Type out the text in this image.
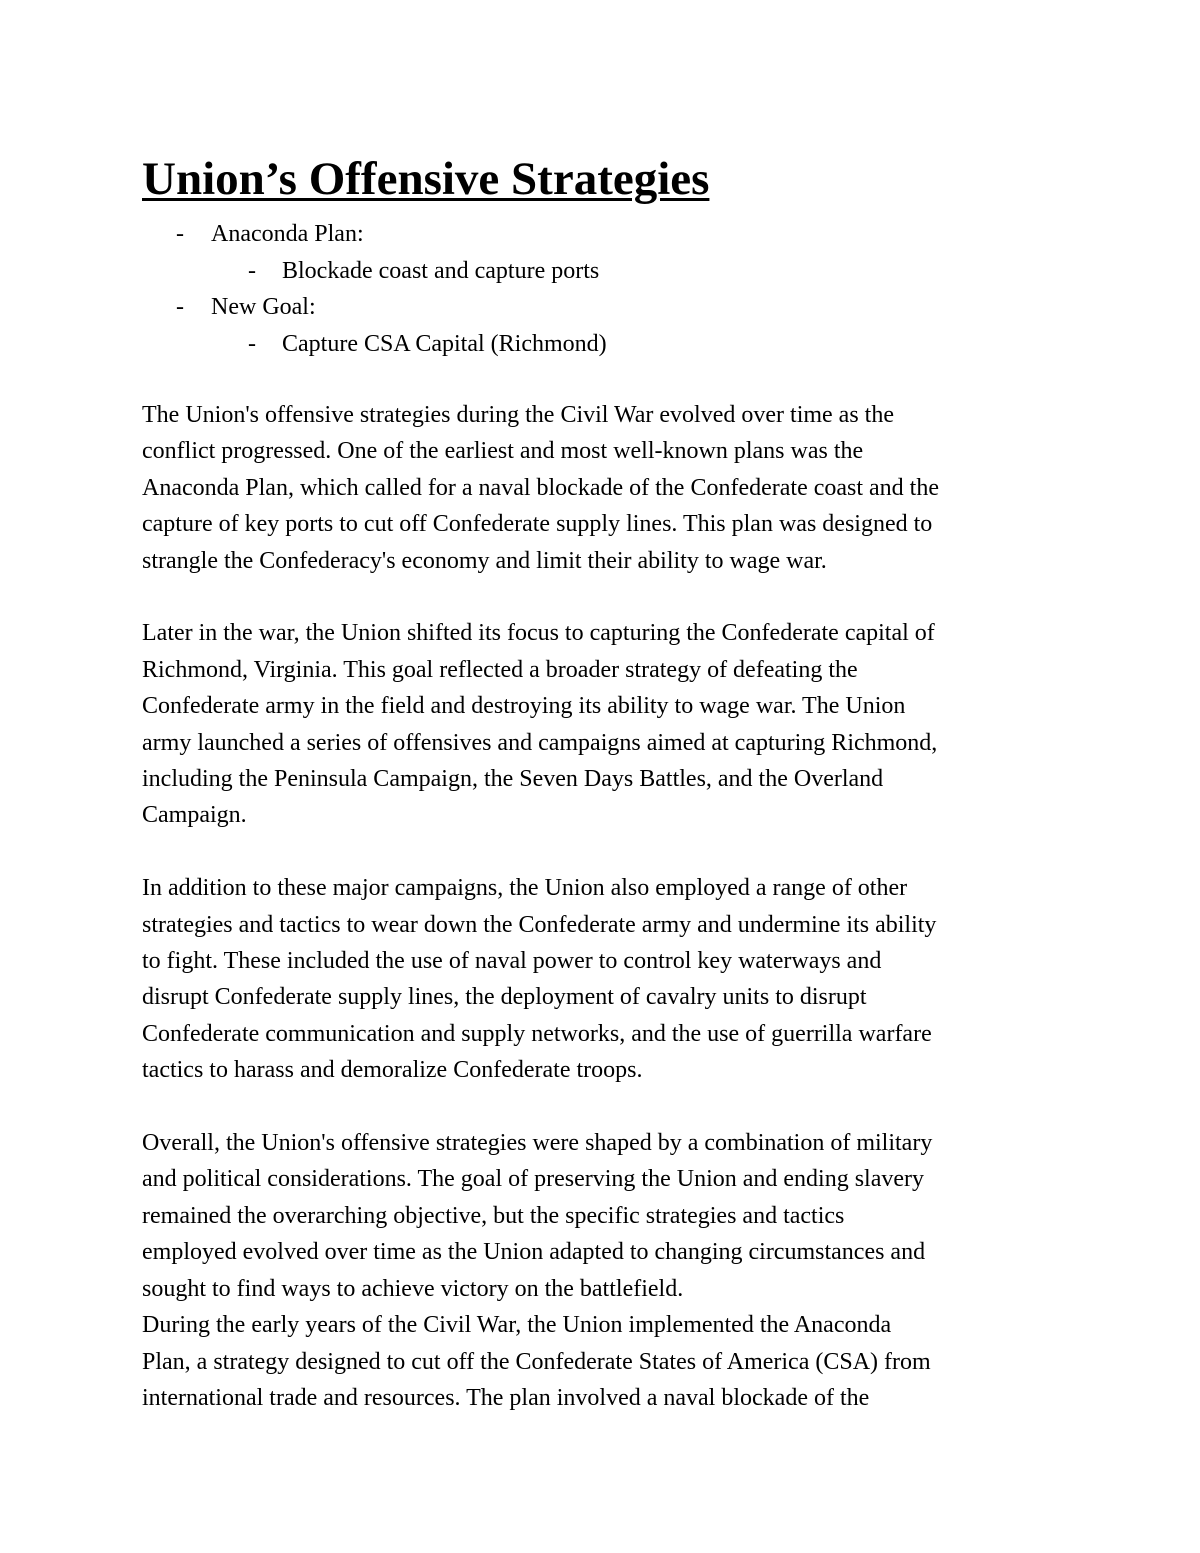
Union’s Offensive Strategies
- Anaconda Plan:
- Blockade coast and capture ports
- New Goal:
- Capture CSA Capital (Richmond)

The Union's offensive strategies during the Civil War evolved over time as the
conflict progressed. One of the earliest and most well-known plans was the
Anaconda Plan, which called for a naval blockade of the Confederate coast and the
capture of key ports to cut off Confederate supply lines. This plan was designed to
strangle the Confederacy's economy and limit their ability to wage war.

Later in the war, the Union shifted its focus to capturing the Confederate capital of
Richmond, Virginia. This goal reflected a broader strategy of defeating the
Confederate army in the field and destroying its ability to wage war. The Union
army launched a series of offensives and campaigns aimed at capturing Richmond,
including the Peninsula Campaign, the Seven Days Battles, and the Overland
Campaign.

In addition to these major campaigns, the Union also employed a range of other
strategies and tactics to wear down the Confederate army and undermine its ability
to fight. These included the use of naval power to control key waterways and
disrupt Confederate supply lines, the deployment of cavalry units to disrupt
Confederate communication and supply networks, and the use of guerrilla warfare
tactics to harass and demoralize Confederate troops.

Overall, the Union's offensive strategies were shaped by a combination of military
and political considerations. The goal of preserving the Union and ending slavery
remained the overarching objective, but the specific strategies and tactics
employed evolved over time as the Union adapted to changing circumstances and
sought to find ways to achieve victory on the battlefield.

During the early years of the Civil War, the Union implemented the Anaconda
Plan, a strategy designed to cut off the Confederate States of America (CSA) from
international trade and resources. The plan involved a naval blockade of the
